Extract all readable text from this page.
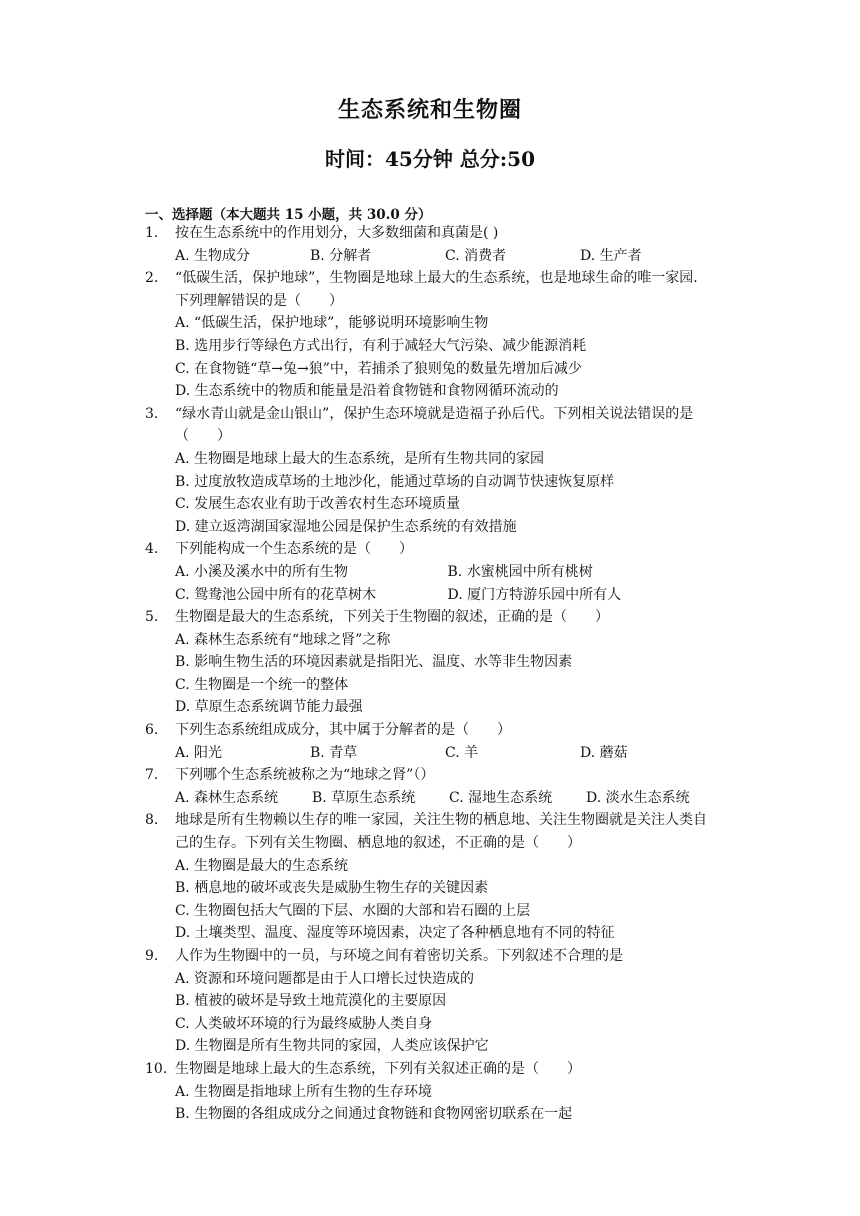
生态系统和生物圈
时间：45分钟 总分:50
一、选择题（本大题共 15 小题，共 30.0 分）
1. 按在生态系统中的作用划分，大多数细菌和真菌是( )
A. 生物成分	B. 分解者	C. 消费者	D. 生产者
2. “低碳生活，保护地球”，生物圈是地球上最大的生态系统，也是地球生命的唯一家园．下列理解错误的是（　　）
A. “低碳生活，保护地球”，能够说明环境影响生物
B. 选用步行等绿色方式出行，有利于减轻大气污染、减少能源消耗
C. 在食物链“草→兔→狼”中，若捕杀了狼则兔的数量先增加后减少
D. 生态系统中的物质和能量是沿着食物链和食物网循环流动的
3. “绿水青山就是金山银山”，保护生态环境就是造福子孙后代。下列相关说法错误的是（　　）
A. 生物圈是地球上最大的生态系统，是所有生物共同的家园
B. 过度放牧造成草场的土地沙化，能通过草场的自动调节快速恢复原样
C. 发展生态农业有助于改善农村生态环境质量
D. 建立返湾湖国家湿地公园是保护生态系统的有效措施
4. 下列能构成一个生态系统的是（　　）
A. 小溪及溪水中的所有生物	B. 水蜜桃园中所有桃树
C. 鸳鸯池公园中所有的花草树木	D. 厦门方特游乐园中所有人
5. 生物圈是最大的生态系统，下列关于生物圈的叙述，正确的是（　　）
A. 森林生态系统有“地球之肾”之称
B. 影响生物生活的环境因素就是指阳光、温度、水等非生物因素
C. 生物圈是一个统一的整体
D. 草原生态系统调节能力最强
6. 下列生态系统组成成分，其中属于分解者的是（　　）
A. 阳光	B. 青草	C. 羊	D. 蘑菇
7. 下列哪个生态系统被称之为“地球之肾”（）
A. 森林生态系统	B. 草原生态系统	C. 湿地生态系统	D. 淡水生态系统
8. 地球是所有生物赖以生存的唯一家园，关注生物的栖息地、关注生物圈就是关注人类自己的生存。下列有关生物圈、栖息地的叙述，不正确的是（　　）
A. 生物圈是最大的生态系统
B. 栖息地的破坏或丧失是威胁生物生存的关键因素
C. 生物圈包括大气圈的下层、水圈的大部和岩石圈的上层
D. 土壤类型、温度、湿度等环境因素，决定了各种栖息地有不同的特征
9. 人作为生物圈中的一员，与环境之间有着密切关系。下列叙述不合理的是
A. 资源和环境问题都是由于人口增长过快造成的
B. 植被的破坏是导致土地荒漠化的主要原因
C. 人类破坏环境的行为最终威胁人类自身
D. 生物圈是所有生物共同的家园，人类应该保护它
10. 生物圈是地球上最大的生态系统，下列有关叙述正确的是（　　）
A. 生物圈是指地球上所有生物的生存环境
B. 生物圈的各组成成分之间通过食物链和食物网密切联系在一起
